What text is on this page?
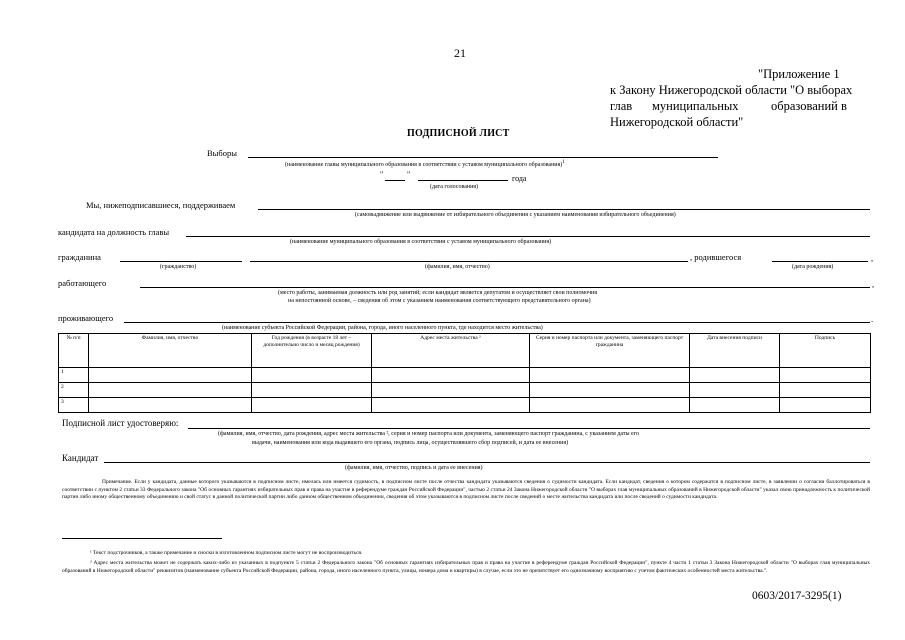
21
"Приложение 1
к Закону Нижегородской области "О выборах
глав муниципальных	образований в
Нижегородской области"
ПОДПИСНОЙ ЛИСТ
Выборы
(наименование главы муниципального образования в соответствии с уставом муниципального образования)$^1$
"	"	года
(дата голосования)
Мы, нижеподписавшиеся, поддерживаем
(самовыдвижение или выдвижение от избирательного объединения с указанием наименования избирательного объединения)
кандидата на должность главы
(наименование муниципального образования в соответствии с уставом муниципального образования)
гражданина	, родившегося	,
(гражданство)	(фамилия, имя, отчество)	(дата рождения)
работающего	,
(место работы, занимаемая должность или род занятий; если кандидат является депутатом и осуществляет свои полномочия
на непостоянной основе, – сведения об этом с указанием наименования соответствующего представительного органа)
проживающего	.
(наименование субъекта Российской Федерации, района, города, иного населенного пункта, где находится место жительства)
№ п/п	Фамилия, имя, отчество	Год рождения (в возрасте 18 лет – дополнительно число и месяц рождения)	Адрес места жительства ²	Серия и номер паспорта или документа, заменяющего паспорт гражданина	Дата внесения подписи	Подпись
1						
2						
3						
Подписной лист удостоверяю:
(фамилия, имя, отчество, дата рождения, адрес места жительства ², серия и номер паспорта или документа, заменяющего паспорт гражданина, с указанием даты его
выдачи, наименования или кода выдавшего его органа, подпись лица, осуществлявшего сбор подписей, и дата ее внесения)
Кандидат
(фамилия, имя, отчество, подпись и дата ее внесения)
Примечание. Если у кандидата, данные которого указываются в подписном листе, имелась или имеется судимость, в подписном листе после отчества кандидата указываются сведения о судимости кандидата. Если кандидат, сведения о котором содержатся в подписном листе, в заявлении о согласии баллотироваться в соответствии с пунктом 2 статьи 33 Федерального закона "Об основных гарантиях избирательных прав и права на участие в референдуме граждан Российской Федерации", частью 2 статьи 24 Закона Нижегородской области "О выборах глав муниципальных образований в Нижегородской области" указал свою принадлежность к политической партии либо иному общественному объединению и свой статус в данной политической партии либо данном общественном объединении, сведения об этом указываются в подписном листе после сведений о месте жительства кандидата или после сведений о судимости кандидата.
¹ Текст подстрочников, а также примечание и сноски в изготовленном подписном листе могут не воспроизводиться.
² Адрес места жительства может не содержать каких-либо из указанных в подпункте 5 статьи 2 Федерального закона "Об основных гарантиях избирательных прав и права на участие в референдуме граждан Российской Федерации", пункте 4 части 1 статьи 3 Закона Нижегородской области "О выборах глав муниципальных образований в Нижегородской области" реквизитов (наименование субъекта Российской Федерации, района, города, иного населенного пункта, улицы, номера дома и квартиры) в случае, если это не препятствует его однозначному восприятию с учетом фактических особенностей места жительства.".
0603/2017-3295(1)
